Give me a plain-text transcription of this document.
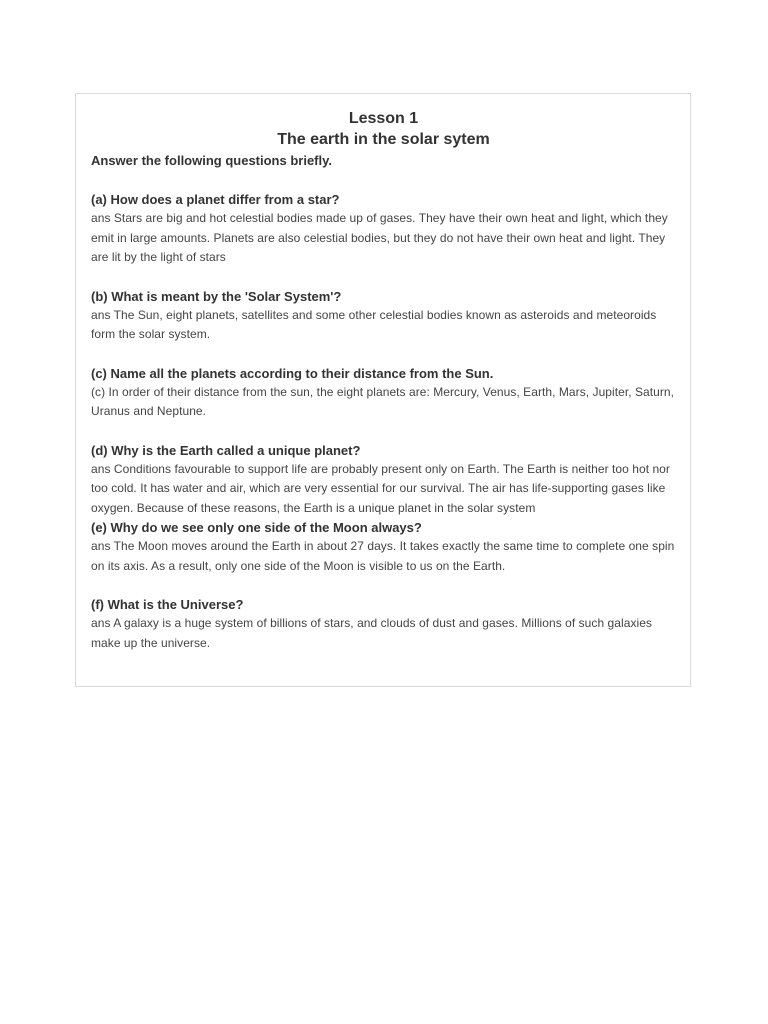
Lesson 1
The earth in the solar sytem
Answer the following questions briefly.
(a) How does a planet differ from a star?
ans Stars are big and hot celestial bodies made up of gases. They have their own heat and light, which they emit in large amounts. Planets are also celestial bodies, but they do not have their own heat and light. They are lit by the light of stars
(b) What is meant by the 'Solar System'?
ans The Sun, eight planets, satellites and some other celestial bodies known as asteroids and meteoroids form the solar system.
(c) Name all the planets according to their distance from the Sun.
(c) In order of their distance from the sun, the eight planets are: Mercury, Venus, Earth, Mars, Jupiter, Saturn, Uranus and Neptune.
(d) Why is the Earth called a unique planet?
ans Conditions favourable to support life are probably present only on Earth. The Earth is neither too hot nor too cold. It has water and air, which are very essential for our survival. The air has life-supporting gases like oxygen. Because of these reasons, the Earth is a unique planet in the solar system
(e) Why do we see only one side of the Moon always?
ans The Moon moves around the Earth in about 27 days. It takes exactly the same time to complete one spin on its axis. As a result, only one side of the Moon is visible to us on the Earth.
(f) What is the Universe?
ans A galaxy is a huge system of billions of stars, and clouds of dust and gases. Millions of such galaxies make up the universe.
